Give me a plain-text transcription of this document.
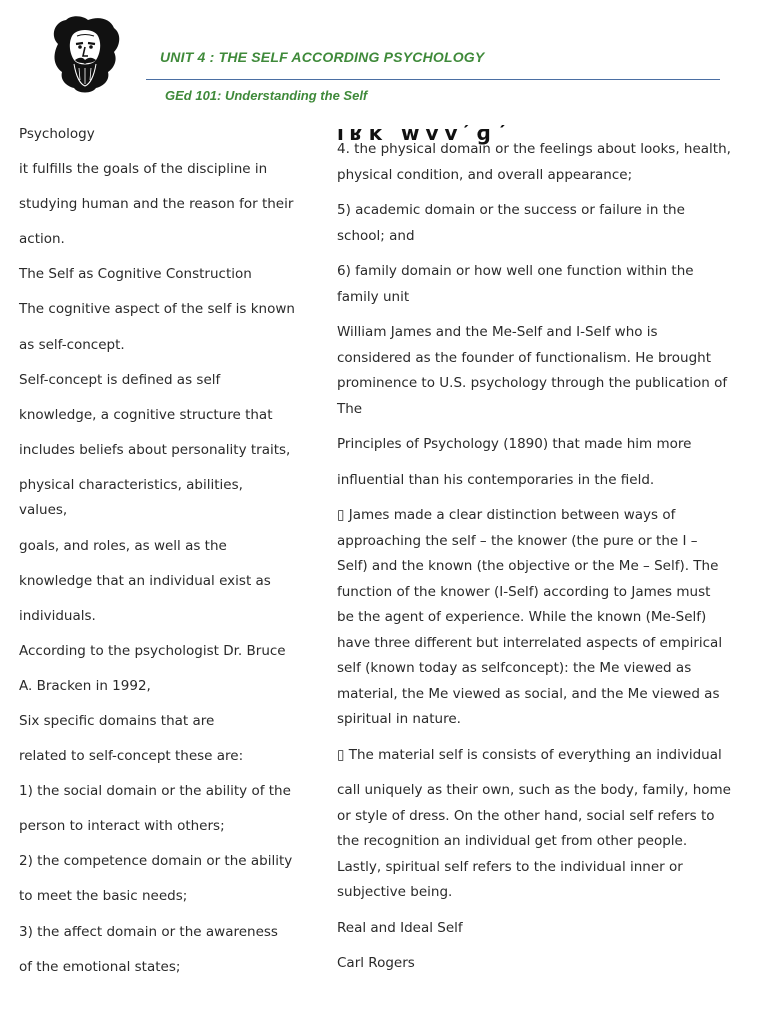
UNIT 4 : THE SELF ACCORDING PSYCHOLOGY
GEd 101: Understanding the Self
ıʁᴋ ᴡᴠᴠ ́ɡˊ́

Psychology

it fulfills the goals of the discipline in

studying human and the reason for their

action.

The Self as Cognitive Construction

The cognitive aspect of the self is known

as self-concept.

Self-concept is defined as self

knowledge, a cognitive structure that

includes beliefs about personality traits,

physical characteristics, abilities,

values,

goals, and roles, as well as the

knowledge that an individual exist as

individuals.

According to the psychologist Dr. Bruce

A. Bracken in 1992,

Six specific domains that are

related to self-concept these are:

1) the social domain or the ability of the

person to interact with others;

2) the competence domain or the ability

to meet the basic needs;

3) the affect domain or the awareness

of the emotional states;

4. the physical domain or the feelings about looks, health,

physical condition, and overall appearance;

5) academic domain or the success or failure in the

school; and

6) family domain or how well one function within the

family unit

William James and the Me-Self and I-Self who is

considered as the founder of functionalism. He brought

prominence to U.S. psychology through the publication of

The

Principles of Psychology (1890) that made him more

influential than his contemporaries in the field.

▯ James made a clear distinction between ways of

approaching the self – the knower (the pure or the I –

Self) and the known (the objective or the Me – Self). The

function of the knower (I-Self) according to James must

be the agent of experience. While the known (Me-Self)

have three different but interrelated aspects of empirical

self (known today as selfconcept): the Me viewed as

material, the Me viewed as social, and the Me viewed as

spiritual in nature.

▯ The material self is consists of everything an individual

call uniquely as their own, such as the body, family, home

or style of dress. On the other hand, social self refers to

the recognition an individual get from other people.

Lastly, spiritual self refers to the individual inner or

subjective being.

Real and Ideal Self

Carl Rogers
